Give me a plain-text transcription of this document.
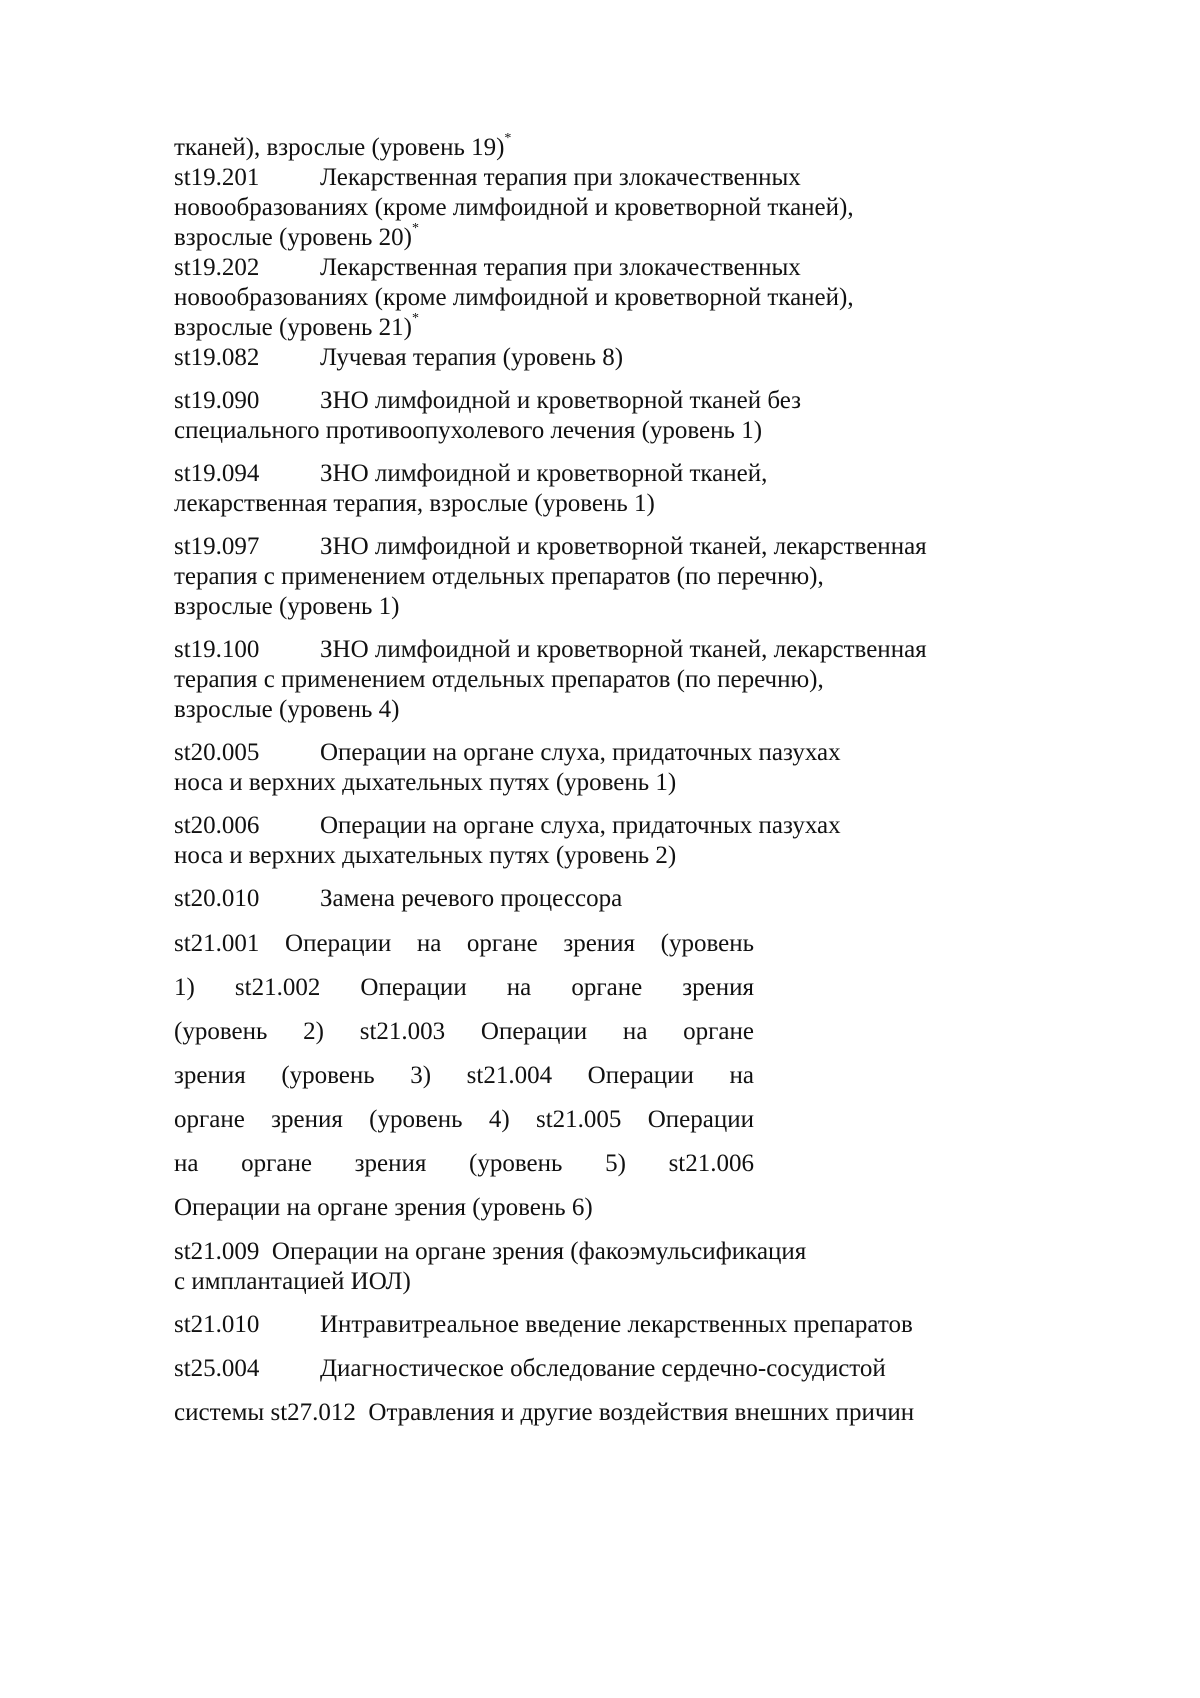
тканей), взрослые (уровень 19)*
st19.201 Лекарственная терапия при злокачественных
новообразованиях (кроме лимфоидной и кроветворной тканей),
взрослые (уровень 20)*
st19.202 Лекарственная терапия при злокачественных
новообразованиях (кроме лимфоидной и кроветворной тканей),
взрослые (уровень 21)*
st19.082 Лучевая терапия (уровень 8)
st19.090 ЗНО лимфоидной и кроветворной тканей без
специального противоопухолевого лечения (уровень 1)
st19.094 ЗНО лимфоидной и кроветворной тканей,
лекарственная терапия, взрослые (уровень 1)
st19.097 ЗНО лимфоидной и кроветворной тканей, лекарственная
терапия с применением отдельных препаратов (по перечню),
взрослые (уровень 1)
st19.100 ЗНО лимфоидной и кроветворной тканей, лекарственная
терапия с применением отдельных препаратов (по перечню),
взрослые (уровень 4)
st20.005 Операции на органе слуха, придаточных пазухах
носа и верхних дыхательных путях (уровень 1)
st20.006 Операции на органе слуха, придаточных пазухах
носа и верхних дыхательных путях (уровень 2)
st20.010 Замена речевого процессора
st21.001 Операции на органе зрения (уровень
1) st21.002 Операции на органе зрения
(уровень 2) st21.003 Операции на органе
зрения (уровень 3) st21.004 Операции на
органе зрения (уровень 4) st21.005 Операции
на органе зрения (уровень 5) st21.006
Операции на органе зрения (уровень 6)
st21.009  Операции на органе зрения (факоэмульсификация
с имплантацией ИОЛ)
st21.010 Интравитреальное введение лекарственных препаратов
st25.004 Диагностическое обследование сердечно-сосудистой
системы st27.012  Отравления и другие воздействия внешних причин
